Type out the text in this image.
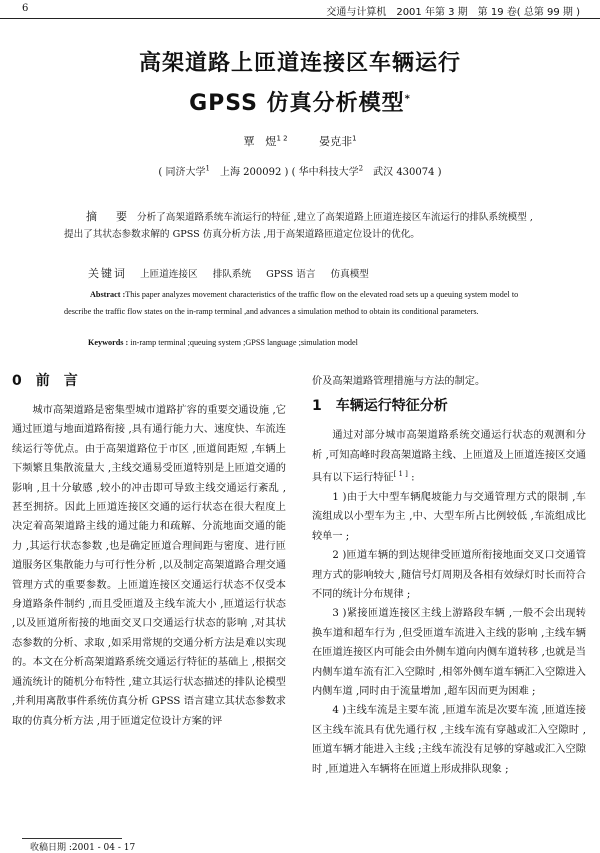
6	交通与计算机　2001 年第 3 期　第 19 卷( 总第 99 期 )
高架道路上匝道连接区车辆运行
GPSS 仿真分析模型*
覃　煜$^{1 2}$	晏克非$^1$
( 同济大学$^1$　上海 200092 ) ( 华中科技大学$^2$　武汉 430074 )

摘　要 分析了高架道路系统车流运行的特征 ,建立了高架道路上匝道连接区车流运行的排队系统模型 ,提出了其状态参数求解的 GPSS 仿真分析方法 ,用于高架道路匝道定位设计的优化。

关键词 上匝道连接区 排队系统 GPSS 语言 仿真模型

Abstract :This paper analyzes movement characteristics of the traffic flow on the elevated road sets up a queuing system model to describe the traffic flow states on the in-ramp terminal ,and advances a simulation method to obtain its conditional parameters.

Keywords : in-ramp terminal ;queuing system ;GPSS language ;simulation model
0 前　言

城市高架道路是密集型城市道路扩容的重要交通设施 ,它通过匝道与地面道路衔接 ,具有通行能力大、速度快、车流连续运行等优点。由于高架道路位于市区 ,匝道间距短 ,车辆上下频繁且集散流量大 ,主线交通易受匝道特别是上匝道交通的影响 ,且十分敏感 ,较小的冲击即可导致主线交通运行紊乱 ,甚至拥挤。因此上匝道连接区交通的运行状态在很大程度上决定着高架道路主线的通过能力和疏解、分流地面交通的能力 ,其运行状态参数 ,也是确定匝道合理间距与密度、进行匝道服务区集散能力与可行性分析 ,以及制定高架道路合理交通管理方式的重要参数。上匝道连接区交通运行状态不仅受本身道路条件制约 ,而且受匝道及主线车流大小 ,匝道运行状态 ,以及匝道所衔接的地面交叉口交通运行状态的影响 ,对其状态参数的分析、求取 ,如采用常规的交通分析方法是难以实现的。本文在分析高架道路系统交通运行特征的基础上 ,根据交通流统计的随机分布特性 ,建立其运行状态描述的排队论模型 ,并利用离散事件系统仿真分析 GPSS 语言建立其状态参数求取的仿真分析方法 ,用于匝道定位设计方案的评

价及高架道路管理措施与方法的制定。

1 车辆运行特征分析

通过对部分城市高架道路系统交通运行状态的观测和分析 ,可知高峰时段高架道路主线、上匝道及上匝道连接区交通具有以下运行特征[ 1 ] :

1 )由于大中型车辆爬坡能力与交通管理方式的限制 ,车流组成以小型车为主 ,中、大型车所占比例较低 ,车流组成比较单一 ;

2 )匝道车辆的到达规律受匝道所衔接地面交叉口交通管理方式的影响较大 ,随信号灯周期及各相有效绿灯时长而符合不同的统计分布规律 ;

3 )紧接匝道连接区主线上游路段车辆 ,一般不会出现转换车道和超车行为 ,但受匝道车流进入主线的影响 ,主线车辆在匝道连接区内可能会由外侧车道向内侧车道转移 ,也就是当内侧车道车流有汇入空隙时 ,相邻外侧车道车辆汇入空隙进入内侧车道 ,同时由于流量增加 ,超车因而更为困难 ;

4 )主线车流是主要车流 ,匝道车流是次要车流 ,匝道连接区主线车流具有优先通行权 ,主线车流有穿越或汇入空隙时 ,匝道车辆才能进入主线 ;主线车流没有足够的穿越或汇入空隙时 ,匝道进入车辆将在匝道上形成排队现象 ;

收稿日期 :2001 - 04 - 17
